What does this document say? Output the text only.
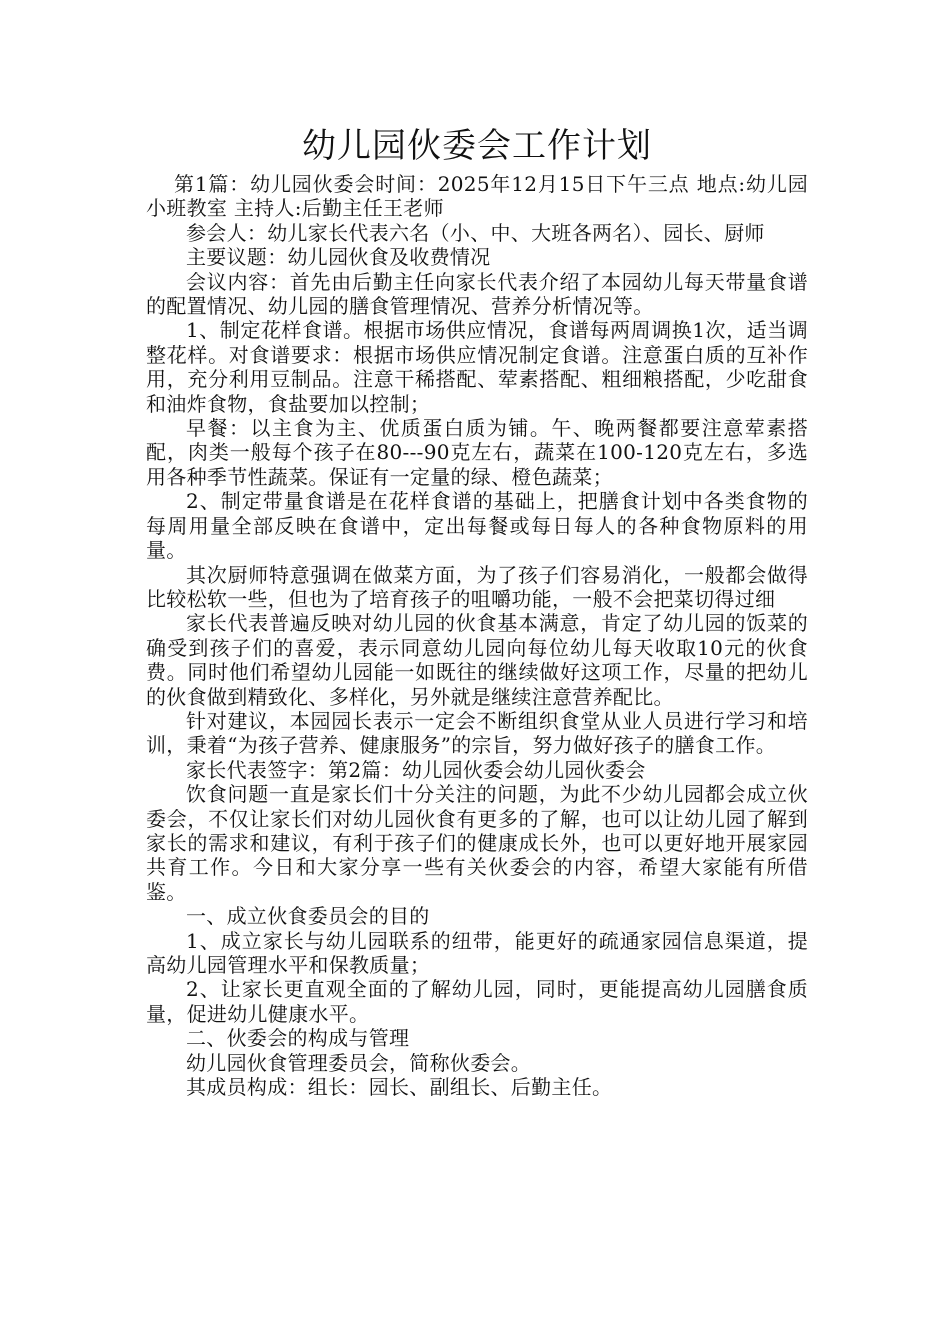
幼儿园伙委会工作计划

第1篇：幼儿园伙委会时间：2025年12月15日下午三点 地点:幼儿园小班教室 主持人:后勤主任王老师

参会人：幼儿家长代表六名（小、中、大班各两名）、园长、厨师

主要议题：幼儿园伙食及收费情况

会议内容：首先由后勤主任向家长代表介绍了本园幼儿每天带量食谱的配置情况、幼儿园的膳食管理情况、营养分析情况等。

1、制定花样食谱。根据市场供应情况，食谱每两周调换1次，适当调整花样。对食谱要求：根据市场供应情况制定食谱。注意蛋白质的互补作用，充分利用豆制品。注意干稀搭配、荤素搭配、粗细粮搭配，少吃甜食和油炸食物，食盐要加以控制；

早餐：以主食为主、优质蛋白质为铺。午、晚两餐都要注意荤素搭配，肉类一般每个孩子在80---90克左右，蔬菜在100-120克左右，多选用各种季节性蔬菜。保证有一定量的绿、橙色蔬菜；

2、制定带量食谱是在花样食谱的基础上，把膳食计划中各类食物的每周用量全部反映在食谱中，定出每餐或每日每人的各种食物原料的用量。

其次厨师特意强调在做菜方面，为了孩子们容易消化，一般都会做得比较松软一些，但也为了培育孩子的咀嚼功能，一般不会把菜切得过细

家长代表普遍反映对幼儿园的伙食基本满意，肯定了幼儿园的饭菜的确受到孩子们的喜爱，表示同意幼儿园向每位幼儿每天收取10元的伙食费。同时他们希望幼儿园能一如既往的继续做好这项工作，尽量的把幼儿的伙食做到精致化、多样化，另外就是继续注意营养配比。

针对建议，本园园长表示一定会不断组织食堂从业人员进行学习和培训，秉着“为孩子营养、健康服务”的宗旨，努力做好孩子的膳食工作。

家长代表签字：第2篇：幼儿园伙委会幼儿园伙委会

饮食问题一直是家长们十分关注的问题，为此不少幼儿园都会成立伙委会，不仅让家长们对幼儿园伙食有更多的了解，也可以让幼儿园了解到家长的需求和建议，有利于孩子们的健康成长外，也可以更好地开展家园共育工作。今日和大家分享一些有关伙委会的内容，希望大家能有所借鉴。

一、成立伙食委员会的目的

1、成立家长与幼儿园联系的纽带，能更好的疏通家园信息渠道，提高幼儿园管理水平和保教质量；

2、让家长更直观全面的了解幼儿园，同时，更能提高幼儿园膳食质量，促进幼儿健康水平。

二、伙委会的构成与管理

幼儿园伙食管理委员会，简称伙委会。

其成员构成：组长：园长、副组长、后勤主任。
